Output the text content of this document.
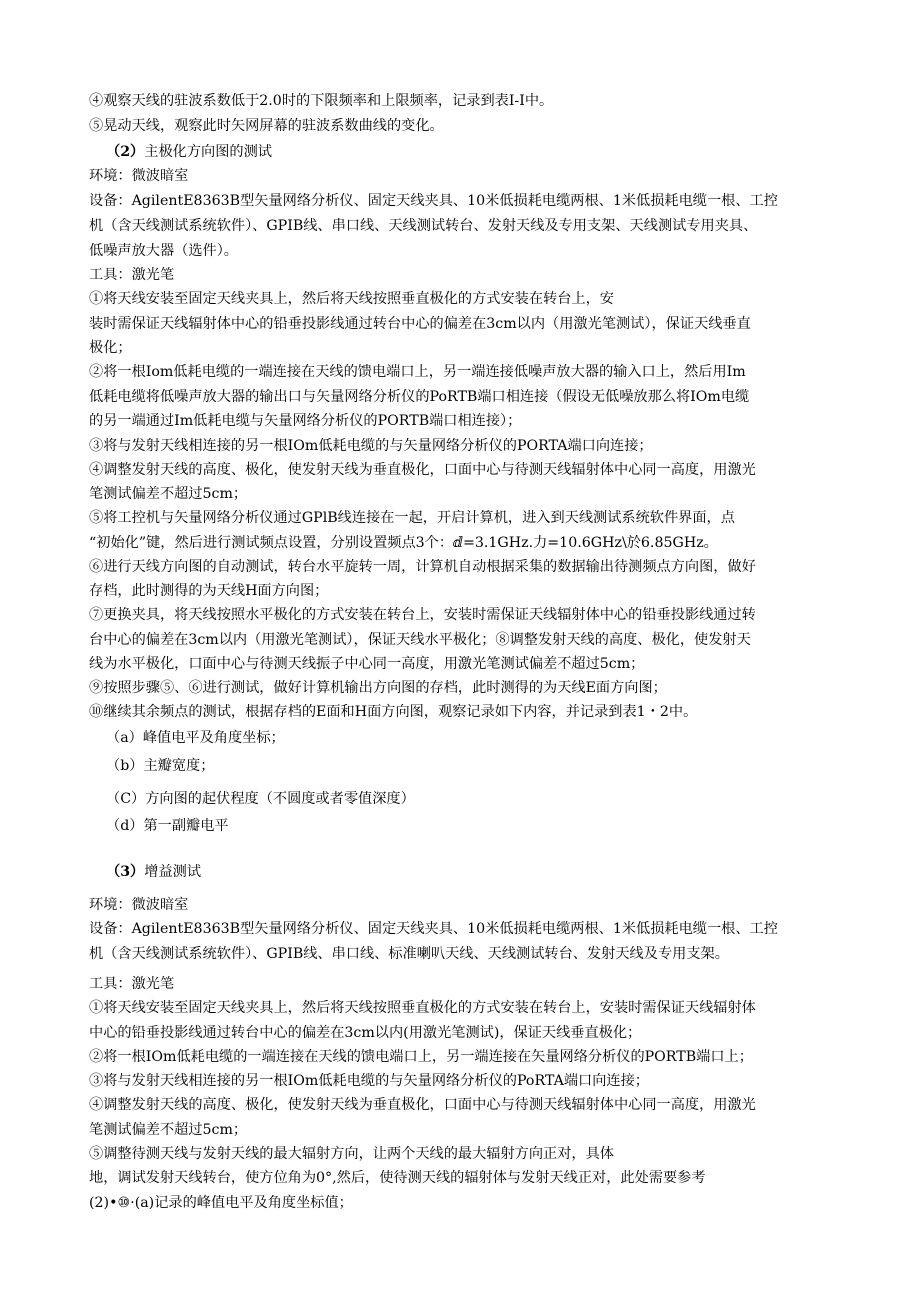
④观察天线的驻波系数低于2.0时的下限频率和上限频率，记录到表I-I中。

⑤晃动天线，观察此时矢网屏幕的驻波系数曲线的变化。

（2）主极化方向图的测试

环境：微波暗室

设备：AgilentE8363B型矢量网络分析仪、固定天线夹具、10米低损耗电缆两根、1米低损耗电缆一根、工控

机（含天线测试系统软件）、GPIB线、串口线、天线测试转台、发射天线及专用支架、天线测试专用夹具、

低噪声放大器（选件）。

工具：激光笔

①将天线安装至固定天线夹具上，然后将天线按照垂直极化的方式安装在转台上，安

装时需保证天线辐射体中心的铅垂投影线通过转台中心的偏差在3cm以内（用激光笔测试），保证天线垂直

极化；

②将一根Iom低耗电缆的一端连接在天线的馈电端口上，另一端连接低噪声放大器的输入口上，然后用Im

低耗电缆将低噪声放大器的输出口与矢量网络分析仪的PoRTB端口相连接（假设无低噪放那么将IOm电缆

的另一端通过Im低耗电缆与矢量网络分析仪的PORTB端口相连接）；

③将与发射天线相连接的另一根IOm低耗电缆的与矢量网络分析仪的PORTA端口向连接；

④调整发射天线的高度、极化，使发射天线为垂直极化，口面中心与待测天线辐射体中心同一高度，用激光

笔测试偏差不超过5cm；

⑤将工控机与矢量网络分析仪通过GPlB线连接在一起，开启计算机，进入到天线测试系统软件界面，点

“初始化”键，然后进行测试频点设置，分别设置频点3个：ⅆ=3.1GHz.力=10.6GHz\於6.85GHz。

⑥进行天线方向图的自动测试，转台水平旋转一周，计算机自动根据采集的数据输出待测频点方向图，做好

存档，此时测得的为天线H面方向图；

⑦更换夹具，将天线按照水平极化的方式安装在转台上，安装时需保证天线辐射体中心的铅垂投影线通过转

台中心的偏差在3cm以内（用激光笔测试），保证天线水平极化；⑧调整发射天线的高度、极化，使发射天

线为水平极化，口面中心与待测天线振子中心同一高度，用激光笔测试偏差不超过5cm；

⑨按照步骤⑤、⑥进行测试，做好计算机输出方向图的存档，此时测得的为天线E面方向图；

⑩继续其余频点的测试，根据存档的E面和H面方向图，观察记录如下内容，并记录到表1・2中。

（a）峰值电平及角度坐标；

（b）主瓣宽度；

（C）方向图的起伏程度（不圆度或者零值深度）

（d）第一副瓣电平

（3）增益测试

环境：微波暗室

设备：AgilentE8363B型矢量网络分析仪、固定天线夹具、10米低损耗电缆两根、1米低损耗电缆一根、工控

机（含天线测试系统软件）、GPIB线、串口线、标准喇叭天线、天线测试转台、发射天线及专用支架。

工具：激光笔

①将天线安装至固定天线夹具上，然后将天线按照垂直极化的方式安装在转台上，安装时需保证天线辐射体

中心的铅垂投影线通过转台中心的偏差在3cm以内(用激光笔测试)，保证天线垂直极化；

②将一根IOm低耗电缆的一端连接在天线的馈电端口上，另一端连接在矢量网络分析仪的PORTB端口上；

③将与发射天线相连接的另一根IOm低耗电缆的与矢量网络分析仪的PoRTA端口向连接；

④调整发射天线的高度、极化，使发射天线为垂直极化，口面中心与待测天线辐射体中心同一高度，用激光

笔测试偏差不超过5cm；

⑤调整待测天线与发射天线的最大辐射方向，让两个天线的最大辐射方向正对，具体

地，调试发射天线转台，使方位角为0°,然后，使待测天线的辐射体与发射天线正对，此处需要参考

(2)•⑩·(a)记录的峰值电平及角度坐标值；
